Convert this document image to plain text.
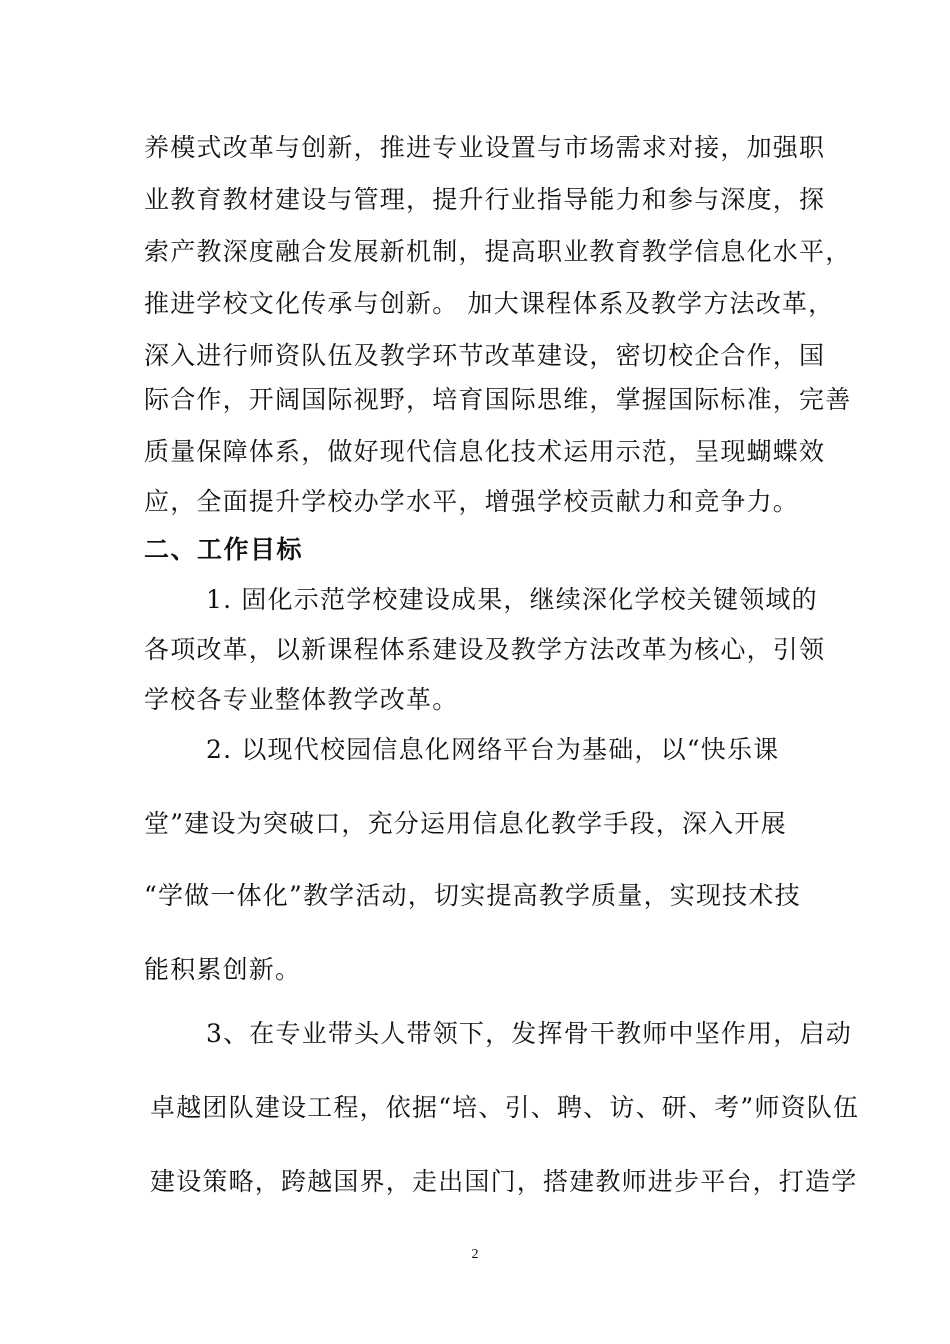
养模式改革与创新，推进专业设置与市场需求对接，加强职
业教育教材建设与管理，提升行业指导能力和参与深度，探
索产教深度融合发展新机制，提高职业教育教学信息化水平，
推进学校文化传承与创新。 加大课程体系及教学方法改革，
深入进行师资队伍及教学环节改革建设，密切校企合作，国
际合作，开阔国际视野，培育国际思维，掌握国际标准，完善
质量保障体系，做好现代信息化技术运用示范，呈现蝴蝶效
应，全面提升学校办学水平，增强学校贡献力和竞争力。
二、工作目标
1. 固化示范学校建设成果，继续深化学校关键领域的
各项改革，以新课程体系建设及教学方法改革为核心，引领
学校各专业整体教学改革。
2. 以现代校园信息化网络平台为基础，以“快乐课
堂”建设为突破口，充分运用信息化教学手段，深入开展
“学做一体化”教学活动，切实提高教学质量，实现技术技
能积累创新。
3、在专业带头人带领下，发挥骨干教师中坚作用，启动
卓越团队建设工程，依据“培、引、聘、访、研、考”师资队伍
建设策略，跨越国界，走出国门，搭建教师进步平台，打造学
2
